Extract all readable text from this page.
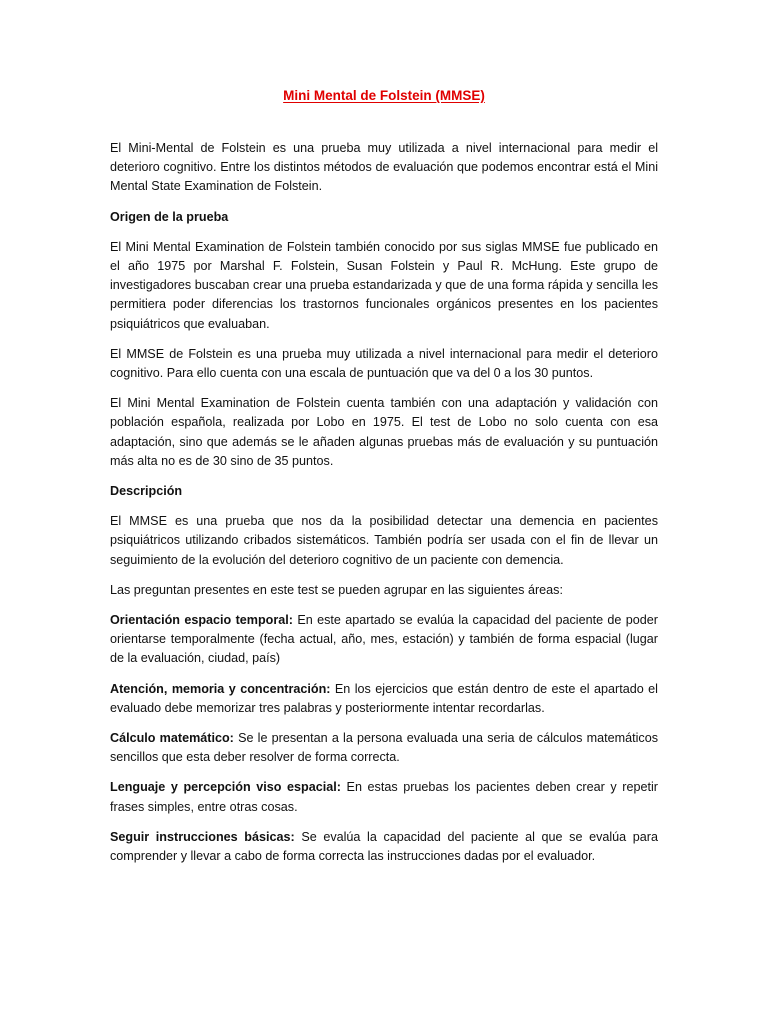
Mini Mental de Folstein (MMSE)

El Mini-Mental de Folstein es una prueba muy utilizada a nivel internacional para medir el deterioro cognitivo. Entre los distintos métodos de evaluación que podemos encontrar está el Mini Mental State Examination de Folstein.

Origen de la prueba

El Mini Mental Examination de Folstein también conocido por sus siglas MMSE fue publicado en el año 1975 por Marshal F. Folstein, Susan Folstein y Paul R. McHung. Este grupo de investigadores buscaban crear una prueba estandarizada y que de una forma rápida y sencilla les permitiera poder diferencias los trastornos funcionales orgánicos presentes en los pacientes psiquiátricos que evaluaban.

El MMSE de Folstein es una prueba muy utilizada a nivel internacional para medir el deterioro cognitivo. Para ello cuenta con una escala de puntuación que va del 0 a los 30 puntos.

El Mini Mental Examination de Folstein cuenta también con una adaptación y validación con población española, realizada por Lobo en 1975. El test de Lobo no solo cuenta con esa adaptación, sino que además se le añaden algunas pruebas más de evaluación y su puntuación más alta no es de 30 sino de 35 puntos.

Descripción

El MMSE es una prueba que nos da la posibilidad detectar una demencia en pacientes psiquiátricos utilizando cribados sistemáticos. También podría ser usada con el fin de llevar un seguimiento de la evolución del deterioro cognitivo de un paciente con demencia.

Las preguntan presentes en este test se pueden agrupar en las siguientes áreas:

Orientación espacio temporal: En este apartado se evalúa la capacidad del paciente de poder orientarse temporalmente (fecha actual, año, mes, estación) y también de forma espacial (lugar de la evaluación, ciudad, país)

Atención, memoria y concentración: En los ejercicios que están dentro de este el apartado el evaluado debe memorizar tres palabras y posteriormente intentar recordarlas.

Cálculo matemático: Se le presentan a la persona evaluada una seria de cálculos matemáticos sencillos que esta deber resolver de forma correcta.

Lenguaje y percepción viso espacial: En estas pruebas los pacientes deben crear y repetir frases simples, entre otras cosas.

Seguir instrucciones básicas: Se evalúa la capacidad del paciente al que se evalúa para comprender y llevar a cabo de forma correcta las instrucciones dadas por el evaluador.
